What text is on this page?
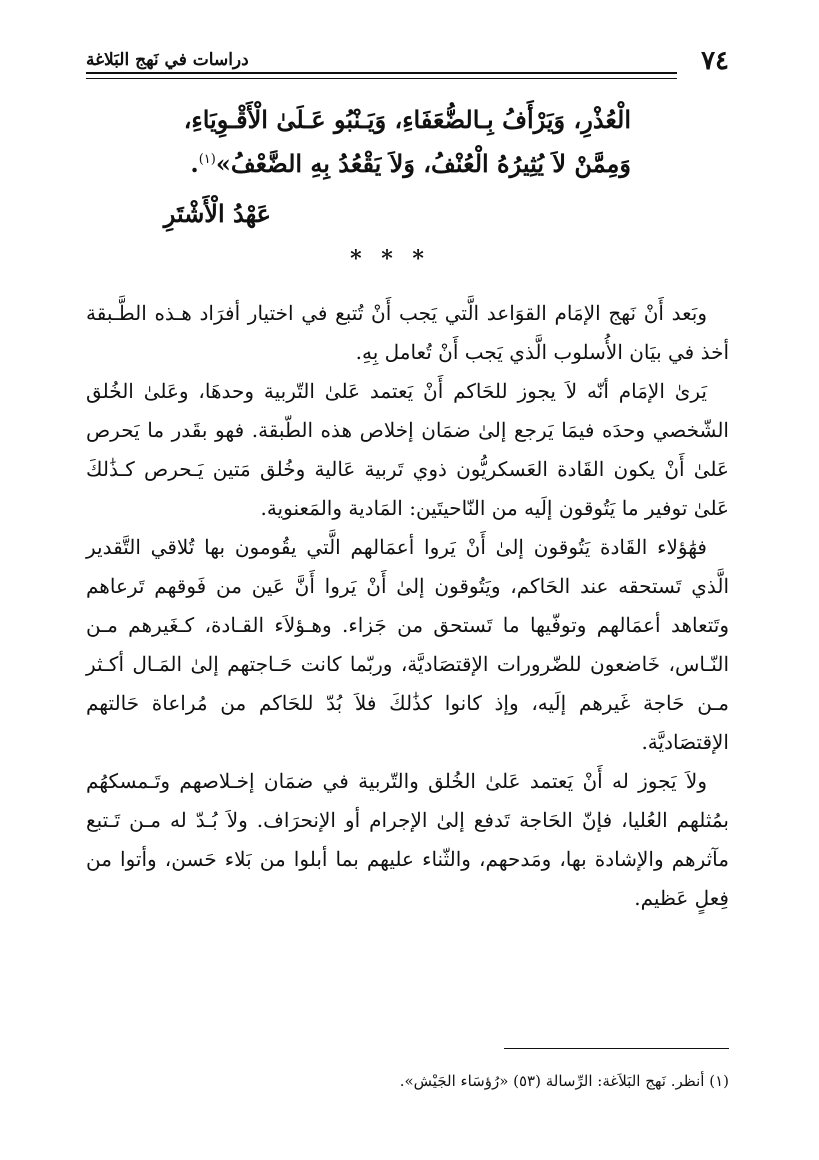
٧٤
دراسات في نَهج البَلاغة
الْعُذْرِ، وَيَرْأَفُ بِـالضُّعَفَاءِ، وَيَـنْبُو عَـلَىٰ الْأَقْـوِيَاءِ،
وَمِمَّنْ لاَ يُثِيرُهُ الْعُنْفُ، وَلاَ يَقْعُدُ بِهِ الضَّعْفُ»$^{(١)}$.
عَهْدُ الْأَشْتَرِ
* * *

وبَعد أَنْ نَهج الإمَام القوَاعد الَّتي يَجب أَنْ تُتبع في اختيار أفرَاد هـذه الطَّـبقة أخذ في بيَان الأُسلوب الَّذي يَجب أَنْ تُعامل بِهِ.

يَرىٰ الإمَام أنّه لاَ يجوز للحَاكم أَنْ يَعتمد عَلىٰ التّربية وحدهَا، وعَلىٰ الخُلق الشّخصي وحدَه فيمَا يَرجع إلىٰ ضمَان إخلاص هذه الطّبقة. فهو بقَدر ما يَحرص عَلىٰ أَنْ يكون القَادة العَسكريُّون ذوي تَربية عَالية وخُلق مَتين يَـحرص كـذَٰلكَ عَلىٰ توفير ما يَتُوقون إلَيه من النّاحيتَين: المَادية والمَعنوية.

فهَٰؤلاء القَادة يَتُوقون إلىٰ أَنْ يَروا أعمَالهم الَّتي يقُومون بها تُلاقي التَّقدير الَّذي تَستحقه عند الحَاكم، ويَتُوقون إلىٰ أَنْ يَروا أَنَّ عَين من فَوقهم تَرعاهم وتَتعاهد أعمَالهم وتوفّيها ما تَستحق من جَزاء. وهـؤلاَء القـادة، كـغَيرهم مـن النّـاس، خَاضعون للضّرورات الإقتصَاديَّة، وربّما كانت حَـاجتهم إلىٰ المَـال أكـثر مـن حَاجة غَيرهم إلَيه، وإذ كانوا كذَٰلكَ فلاَ بُدّ للحَاكم من مُراعاة حَالتهم الإقتصَاديَّة.

ولاَ يَجوز له أَنْ يَعتمد عَلىٰ الخُلق والتّربية في ضمَان إخـلاصهم وتَـمسكهُم بمُثلهم العُليا، فإنّ الحَاجة تَدفع إلىٰ الإجرام أو الإنحرَاف. ولاَ بُـدّ له مـن تَـتبع مآثرهم والإشادة بها، ومَدحهم، والثّناء عليهم بما أبلوا من بَلاء حَسن، وأتوا من فِعلٍ عَظيم.

(١) أنظر. نَهج البَلاَغة: الرِّسالة (٥٣) «رُؤسَاء الجَيْش».
